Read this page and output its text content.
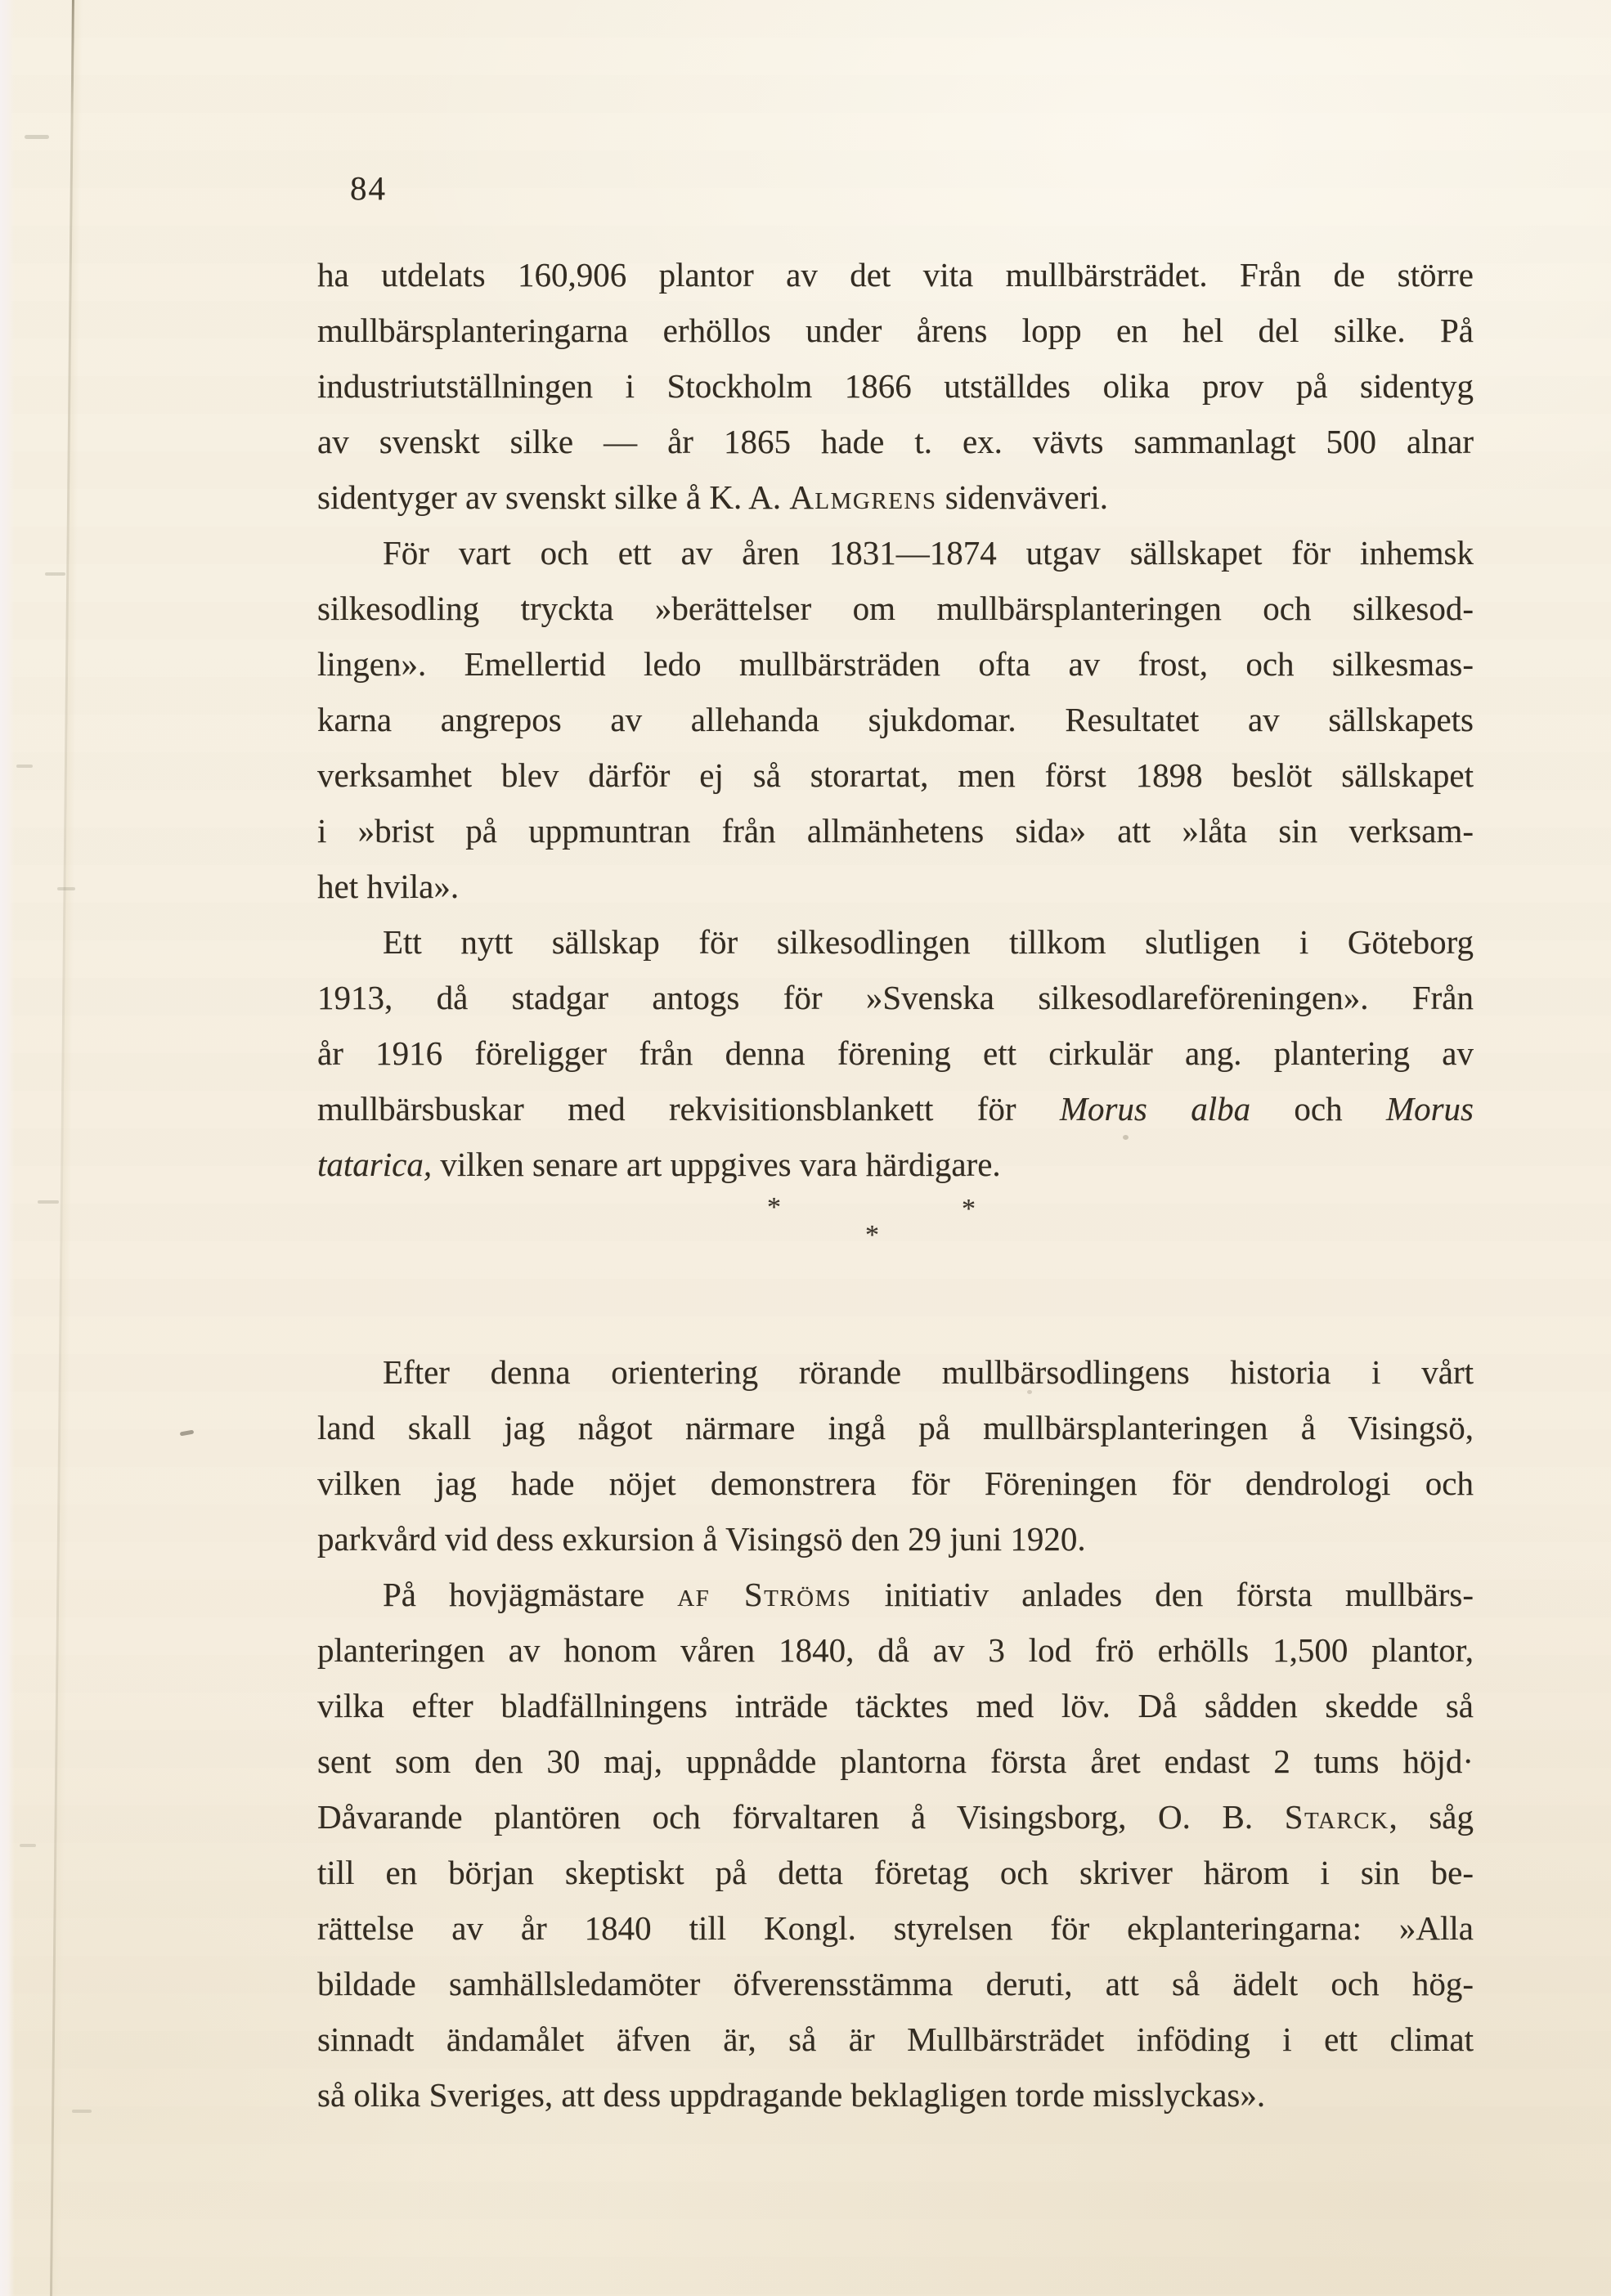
84
ha utdelats 160,906 plantor av det vita mullbärsträdet. Från de större
mullbärsplanteringarna erhöllos under årens lopp en hel del silke. På
industriutställningen i Stockholm 1866 utställdes olika prov på sidentyg
av svenskt silke — år 1865 hade t. ex. vävts sammanlagt 500 alnar
sidentyger av svenskt silke å K. A. Almgrens sidenväveri.
För vart och ett av åren 1831—1874 utgav sällskapet för inhemsk
silkesodling tryckta »berättelser om mullbärsplanteringen och silkesod-
lingen». Emellertid ledo mullbärsträden ofta av frost, och silkesmas-
karna angrepos av allehanda sjukdomar. Resultatet av sällskapets
verksamhet blev därför ej så storartat, men först 1898 beslöt sällskapet
i »brist på uppmuntran från allmänhetens sida» att »låta sin verksam-
het hvila».
Ett nytt sällskap för silkesodlingen tillkom slutligen i Göteborg
1913, då stadgar antogs för »Svenska silkesodlareföreningen». Från
år 1916 föreligger från denna förening ett cirkulär ang. plantering av
mullbärsbuskar med rekvisitionsblankett för Morus alba och Morus
tatarica, vilken senare art uppgives vara härdigare.
*
*
*
Efter denna orientering rörande mullbärsodlingens historia i vårt
land skall jag något närmare ingå på mullbärsplanteringen å Visingsö,
vilken jag hade nöjet demonstrera för Föreningen för dendrologi och
parkvård vid dess exkursion å Visingsö den 29 juni 1920.
På hovjägmästare af Ströms initiativ anlades den första mullbärs-
planteringen av honom våren 1840, då av 3 lod frö erhölls 1,500 plantor,
vilka efter bladfällningens inträde täcktes med löv. Då sådden skedde så
sent som den 30 maj, uppnådde plantorna första året endast 2 tums höjd·
Dåvarande plantören och förvaltaren å Visingsborg, O. B. Starck, såg
till en början skeptiskt på detta företag och skriver härom i sin be-
rättelse av år 1840 till Kongl. styrelsen för ekplanteringarna: »Alla
bildade samhällsledamöter öfverensstämma deruti, att så ädelt och hög-
sinnadt ändamålet äfven är, så är Mullbärsträdet inföding i ett climat
så olika Sveriges, att dess uppdragande beklagligen torde misslyckas».
